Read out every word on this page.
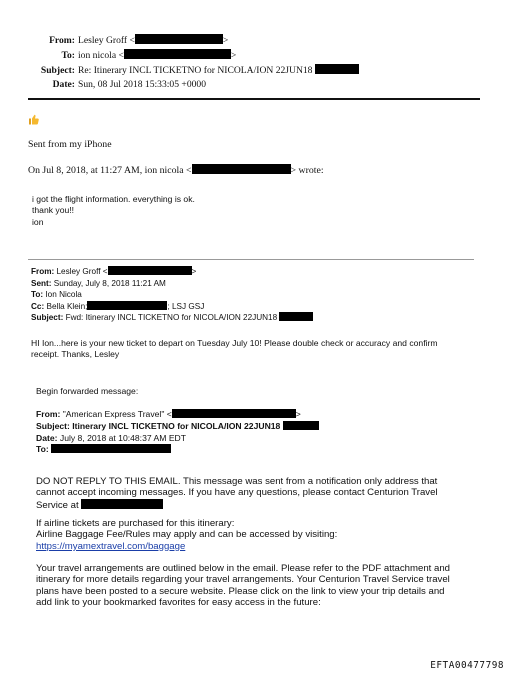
From: Lesley Groff <	>
To: ion nicola <	>
Subject: Re: Itinerary INCL TICKETNO for NICOLA/ION 22JUN18
Date: Sun, 08 Jul 2018 15:33:05 +0000
Sent from my iPhone
On Jul 8, 2018, at 11:27 AM, ion nicola <	> wrote:
i got the flight information. everything is ok.
thank you!!
ion
From: Lesley Groff <	>
Sent: Sunday, July 8, 2018 11:21 AM
To: Ion Nicola
Cc: Bella Klein;	; LSJ GSJ
Subject: Fwd: Itinerary INCL TICKETNO for NICOLA/ION 22JUN18
HI Ion...here is your new ticket to depart on Tuesday July 10! Please double check or accuracy and confirm
receipt. Thanks, Lesley
Begin forwarded message:
From: "American Express Travel" <	>
Subject: Itinerary INCL TICKETNO for NICOLA/ION 22JUN18
Date: July 8, 2018 at 10:48:37 AM EDT
To:
DO NOT REPLY TO THIS EMAIL. This message was sent from a notification only address that
cannot accept incoming messages. If you have any questions, please contact Centurion Travel
Service at
If airline tickets are purchased for this itinerary:
Airline Baggage Fee/Rules may apply and can be accessed by visiting:
https://myamextravel.com/baggage
Your travel arrangements are outlined below in the email. Please refer to the PDF attachment and
itinerary for more details regarding your travel arrangements. Your Centurion Travel Service travel
plans have been posted to a secure website. Please click on the link to view your trip details and
add link to your bookmarked favorites for easy access in the future:
EFTA00477798
